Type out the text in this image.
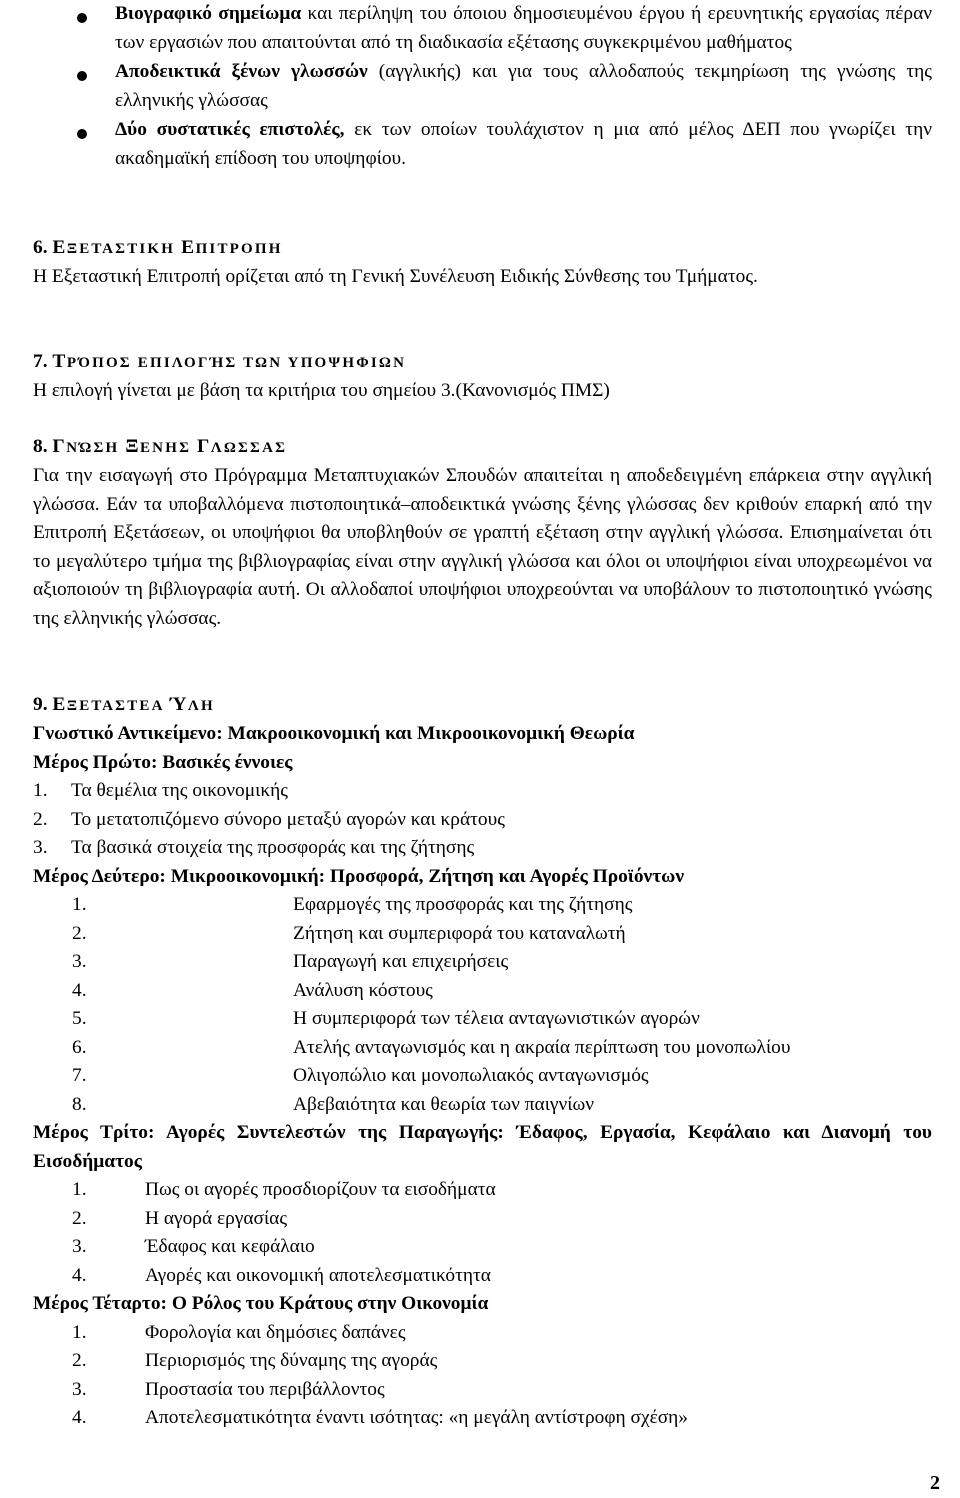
Βιογραφικό σημείωμα και περίληψη του όποιου δημοσιευμένου έργου ή ερευνητικής εργασίας πέραν των εργασιών που απαιτούνται από τη διαδικασία εξέτασης συγκεκριμένου μαθήματος
Αποδεικτικά ξένων γλωσσών (αγγλικής) και για τους αλλοδαπούς τεκμηρίωση της γνώσης της ελληνικής γλώσσας
Δύο συστατικές επιστολές, εκ των οποίων τουλάχιστον η μια από μέλος ΔΕΠ που γνωρίζει την ακαδημαϊκή επίδοση του υποψηφίου.
6. ΕΞΕΤΑΣΤΙΚΗ ΕΠΙΤΡΟΠΗ
Η Εξεταστική Επιτροπή ορίζεται από τη Γενική Συνέλευση Ειδικής Σύνθεσης του Τμήματος.
7. ΤΡΌΠΟΣ ΕΠΙΛΟΓΉΣ ΤΩΝ ΥΠΟΨΗΦΙΩΝ
Η επιλογή γίνεται με βάση τα κριτήρια του σημείου 3.(Κανονισμός ΠΜΣ)
8. ΓΝΏΣΗ ΞΕΝΗΣ ΓΛΩΣΣΑΣ
Για την εισαγωγή στο Πρόγραμμα Μεταπτυχιακών Σπουδών απαιτείται η αποδεδειγμένη επάρκεια στην αγγλική γλώσσα. Εάν τα υποβαλλόμενα πιστοποιητικά–αποδεικτικά γνώσης ξένης γλώσσας δεν κριθούν επαρκή από την Επιτροπή Εξετάσεων, οι υποψήφιοι θα υποβληθούν σε γραπτή εξέταση στην αγγλική γλώσσα. Επισημαίνεται ότι το μεγαλύτερο τμήμα της βιβλιογραφίας είναι στην αγγλική γλώσσα και όλοι οι υποψήφιοι είναι υποχρεωμένοι να αξιοποιούν τη βιβλιογραφία αυτή. Οι αλλοδαποί υποψήφιοι υποχρεούνται να υποβάλουν το πιστοποιητικό γνώσης της ελληνικής γλώσσας.
9. ΕΞΕΤΑΣΤΕΑ ΎΛΗ
Γνωστικό Αντικείμενο: Μακροοικονομική και Μικροοικονομική Θεωρία
Μέρος Πρώτο: Βασικές έννοιες
1. Τα θεμέλια της οικονομικής
2. Το μετατοπιζόμενο σύνορο μεταξύ αγορών και κράτους
3. Τα βασικά στοιχεία της προσφοράς και της ζήτησης
Μέρος Δεύτερο: Μικροοικονομική: Προσφορά, Ζήτηση και Αγορές Προϊόντων
1.	Εφαρμογές της προσφοράς και της ζήτησης
2.	Ζήτηση και συμπεριφορά του καταναλωτή
3.	Παραγωγή και επιχειρήσεις
4.	Ανάλυση κόστους
5.	Η συμπεριφορά των τέλεια ανταγωνιστικών αγορών
6.	Ατελής ανταγωνισμός και η ακραία περίπτωση του μονοπωλίου
7.	Ολιγοπώλιο και μονοπωλιακός ανταγωνισμός
8.	Αβεβαιότητα και θεωρία των παιγνίων
Μέρος Τρίτο: Αγορές Συντελεστών της Παραγωγής: Έδαφος, Εργασία, Κεφάλαιο και Διανομή του Εισοδήματος
1.	Πως οι αγορές προσδιορίζουν τα εισοδήματα
2.	Η αγορά εργασίας
3.	Έδαφος και κεφάλαιο
4.	Αγορές και οικονομική αποτελεσματικότητα
Μέρος Τέταρτο: Ο Ρόλος του Κράτους στην Οικονομία
1.	Φορολογία και δημόσιες δαπάνες
2.	Περιορισμός της δύναμης της αγοράς
3.	Προστασία του περιβάλλοντος
4.	Αποτελεσματικότητα έναντι ισότητας: «η μεγάλη αντίστροφη σχέση»
2
